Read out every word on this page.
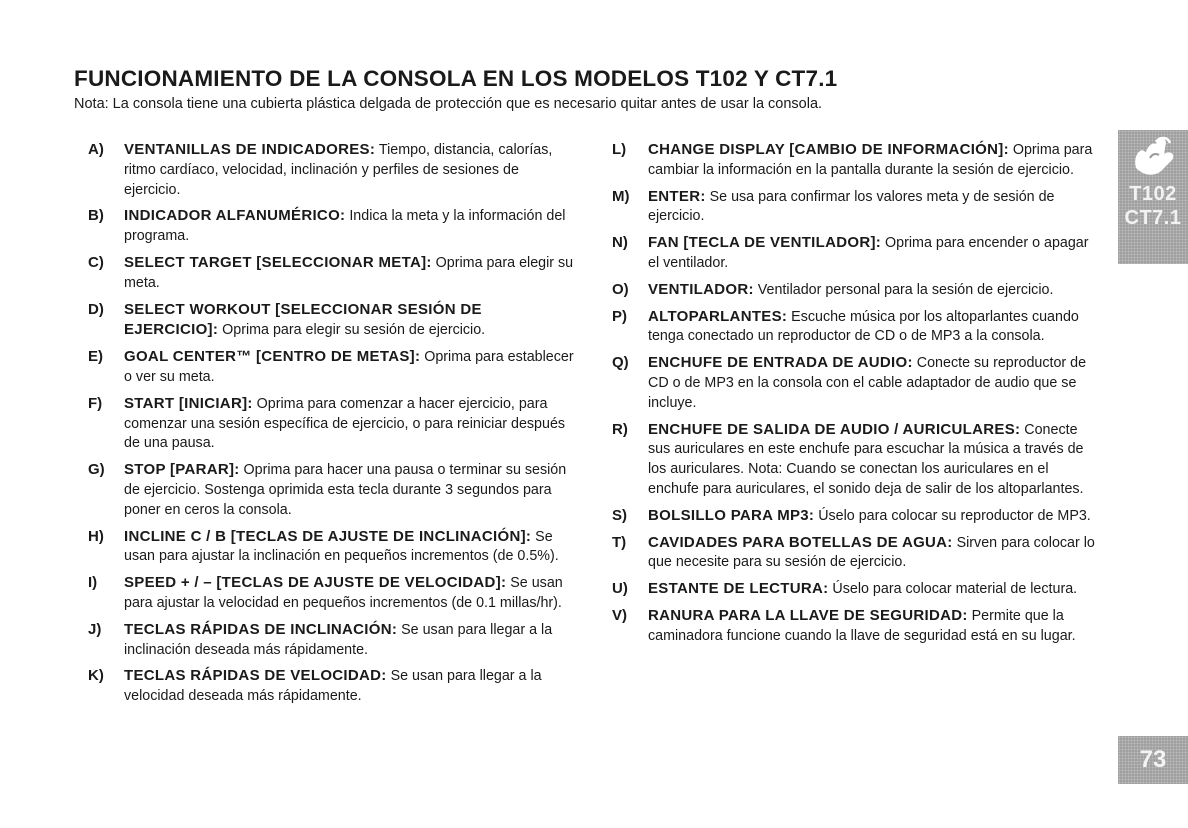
FUNCIONAMIENTO DE LA CONSOLA EN LOS MODELOS T102 Y CT7.1

Nota: La consola tiene una cubierta plástica delgada de protección que es necesario quitar antes de usar la consola.

A)	VENTANILLAS DE INDICADORES: Tiempo, distancia, calorías, ritmo cardíaco, velocidad, inclinación y perfiles de sesiones de ejercicio.
B)	INDICADOR ALFANUMÉRICO: Indica la meta y la información del programa.
C)	SELECT TARGET [SELECCIONAR META]: Oprima para elegir su meta.
D)	SELECT WORKOUT [SELECCIONAR SESIÓN DE EJERCICIO]: Oprima para elegir su sesión de ejercicio.
E)	GOAL CENTER™ [CENTRO DE METAS]: Oprima para establecer o ver su meta.
F)	START [INICIAR]: Oprima para comenzar a hacer ejercicio, para comenzar una sesión específica de ejercicio, o para reiniciar después de una pausa.
G)	STOP [PARAR]: Oprima para hacer una pausa o terminar su sesión de ejercicio. Sostenga oprimida esta tecla durante 3 segundos para poner en ceros la consola.
H)	INCLINE C / B [TECLAS DE AJUSTE DE INCLINACIÓN]: Se usan para ajustar la inclinación en pequeños incrementos (de 0.5%).
I)	SPEED + / – [TECLAS DE AJUSTE DE VELOCIDAD]: Se usan para ajustar la velocidad en pequeños incrementos (de 0.1 millas/hr).
J)	TECLAS RÁPIDAS DE INCLINACIÓN: Se usan para llegar a la inclinación deseada más rápidamente.
K)	TECLAS RÁPIDAS DE VELOCIDAD: Se usan para llegar a la velocidad deseada más rápidamente.
L)	CHANGE DISPLAY [CAMBIO DE INFORMACIÓN]: Oprima para cambiar la información en la pantalla durante la sesión de ejercicio.
M)	ENTER: Se usa para confirmar los valores meta y de sesión de ejercicio.
N)	FAN [TECLA DE VENTILADOR]: Oprima para encender o apagar el ventilador.
O)	VENTILADOR: Ventilador personal para la sesión de ejercicio.
P)	ALTOPARLANTES: Escuche música por los altoparlantes cuando tenga conectado un reproductor de CD o de MP3 a la consola.
Q)	ENCHUFE DE ENTRADA DE AUDIO: Conecte su reproductor de CD o de MP3 en la consola con el cable adaptador de audio que se incluye.
R)	ENCHUFE DE SALIDA DE AUDIO / AURICULARES: Conecte sus auriculares en este enchufe para escuchar la música a través de los auriculares. Nota: Cuando se conectan los auriculares en el enchufe para auriculares, el sonido deja de salir de los altoparlantes.
S)	BOLSILLO PARA MP3: Úselo para colocar su reproductor de MP3.
T)	CAVIDADES PARA BOTELLAS DE AGUA: Sirven para colocar lo que necesite para su sesión de ejercicio.
U)	ESTANTE DE LECTURA: Úselo para colocar material de lectura.
V)	RANURA PARA LA LLAVE DE SEGURIDAD: Permite que la caminadora funcione cuando la llave de seguridad está en su lugar.
T102
CT7.1
73
